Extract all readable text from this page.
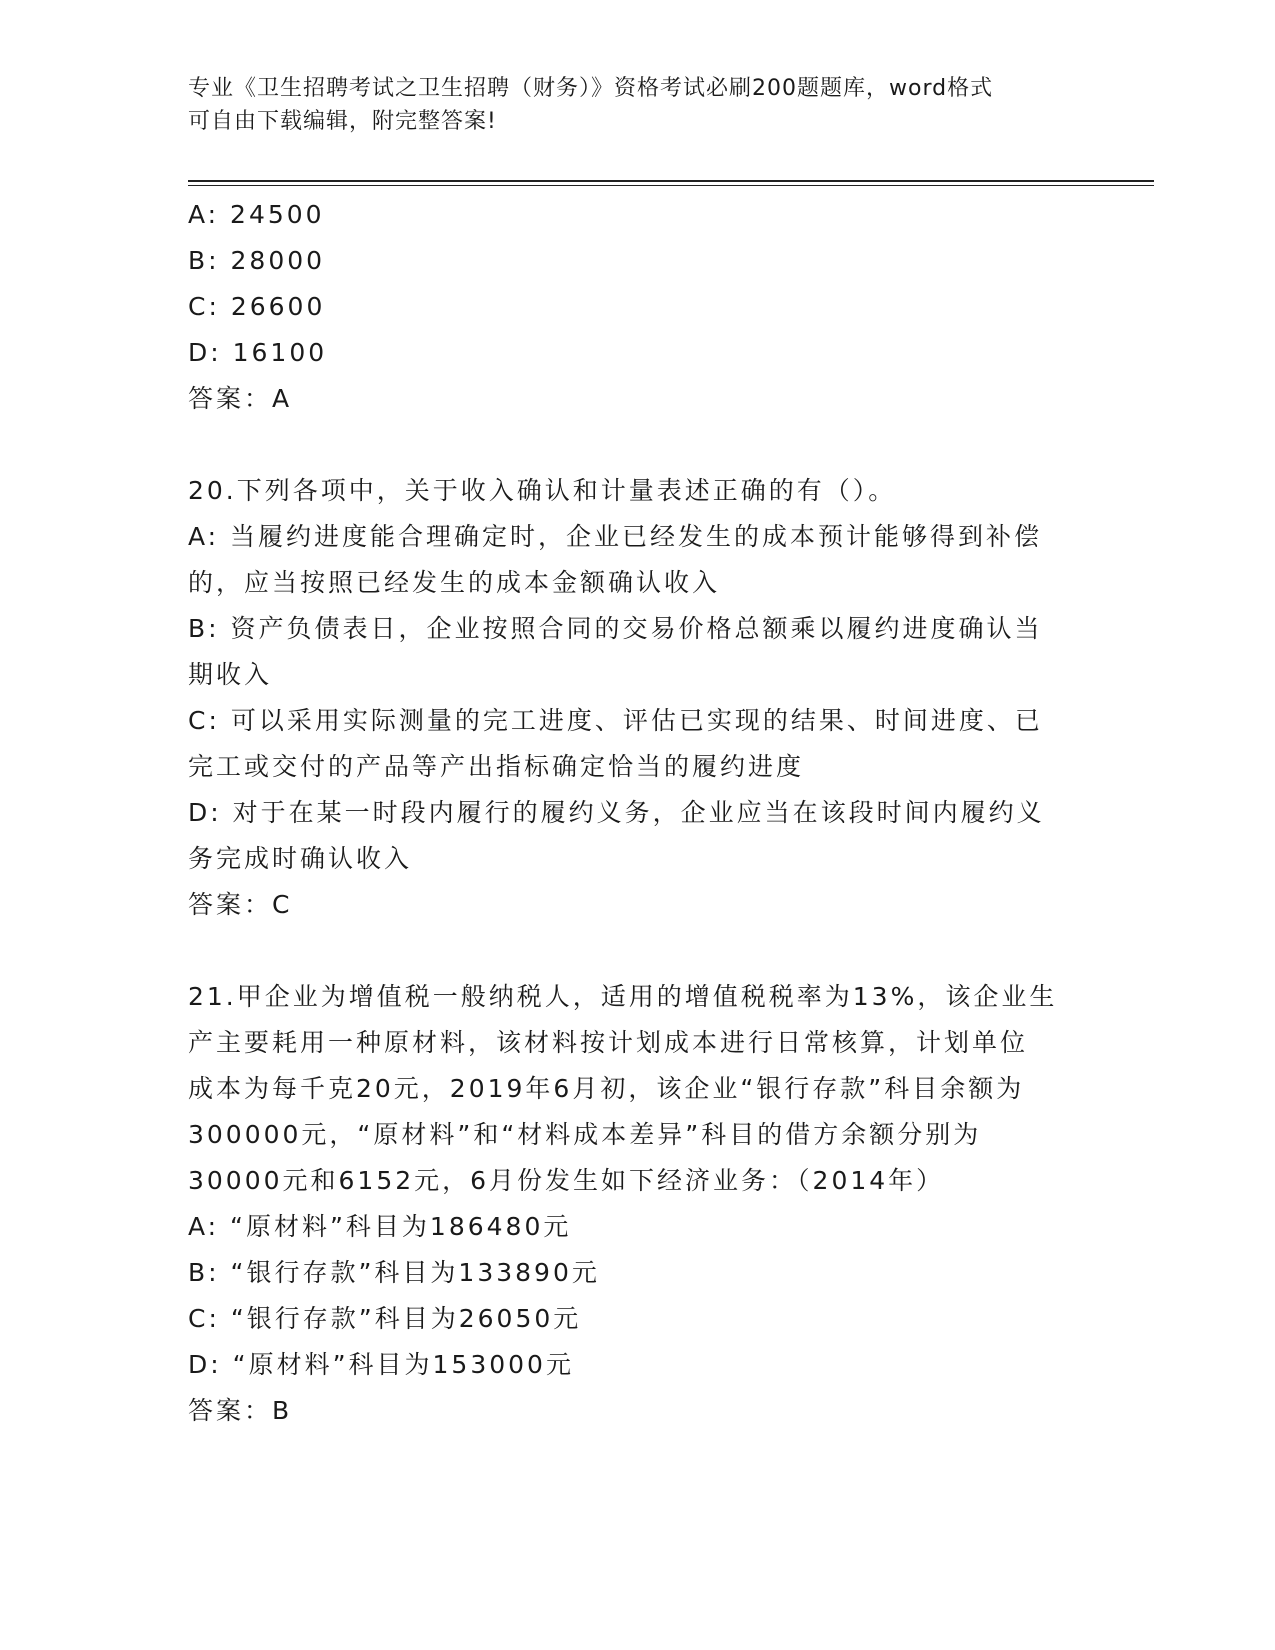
专业《卫生招聘考试之卫生招聘（财务）》资格考试必刷200题题库，word格式
可自由下载编辑，附完整答案!
A: 24500
B: 28000
C: 26600
D: 16100
答案：A
20.下列各项中，关于收入确认和计量表述正确的有（）。
A: 当履约进度能合理确定时，企业已经发生的成本预计能够得到补偿
的，应当按照已经发生的成本金额确认收入
B: 资产负债表日，企业按照合同的交易价格总额乘以履约进度确认当
期收入
C: 可以采用实际测量的完工进度、评估已实现的结果、时间进度、已
完工或交付的产品等产出指标确定恰当的履约进度
D: 对于在某一时段内履行的履约义务，企业应当在该段时间内履约义
务完成时确认收入
答案：C
21.甲企业为增值税一般纳税人，适用的增值税税率为13%，该企业生
产主要耗用一种原材料，该材料按计划成本进行日常核算，计划单位
成本为每千克20元，2019年6月初，该企业“银行存款”科目余额为
300000元，“原材料”和“材料成本差异”科目的借方余额分别为
30000元和6152元，6月份发生如下经济业务：（2014年）
A: “原材料”科目为186480元
B: “银行存款”科目为133890元
C: “银行存款”科目为26050元
D: “原材料”科目为153000元
答案：B
